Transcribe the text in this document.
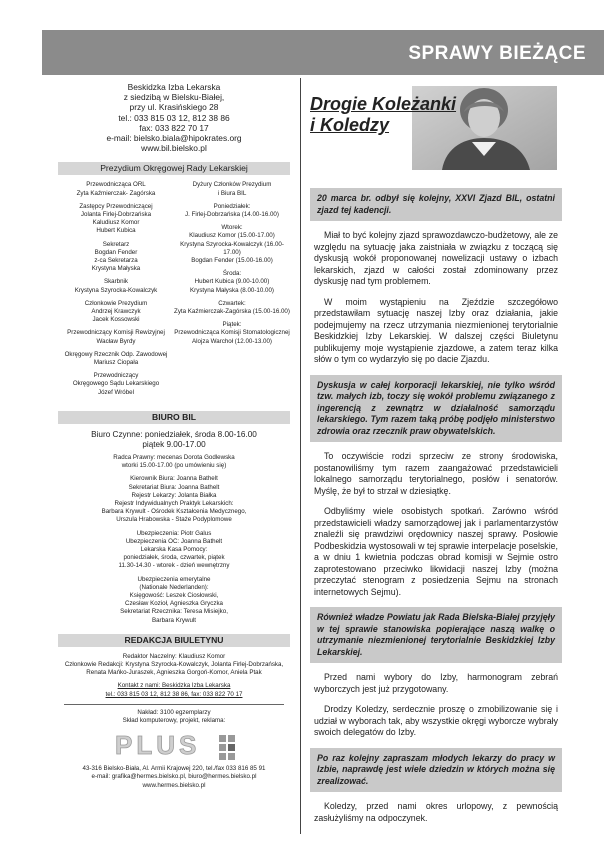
SPRAWY BIEŻĄCE
Beskidzka Izba Lekarska
z siedzibą w Bielsku-Białej,
przy ul. Krasińskiego 28
tel.: 033 815 03 12, 812 38 86
fax: 033 822 70 17
e-mail: bielsko.biala@hipokrates.org
www.bil.bielsko.pl
Prezydium Okręgowej Rady Lekarskiej
Przewodnicząca ORL
Zyta Kaźmierczak- Zagórska
Zastępcy Przewodniczącej
Jolanta Firlej-Dobrzańska
Kaludiusz Komor
Hubert Kubica
Sekretarz
Bogdan Fender
z-ca Sekretarza
Krystyna Małyska
Skarbnik
Krystyna Szyrocka-Kowalczyk
Członkowie Prezydium
Andrzej Krawczyk
Jacek Kossowski
Przewodniczący Komisji Rewizyjnej
Wacław Byrdy
Okręgowy Rzecznik Odp. Zawodowej
Mariusz Ciopała
Przewodniczący
Okręgowego Sądu Lekarskiego
Józef Wróbel
Dyżury Członków Prezydium
i Biura BIL
Poniedziałek:
J. Firlej-Dobrzańska (14.00-16.00)
Wtorek:
Klaudiusz Komor (15.00-17.00)
Krystyna Szyrocka-Kowalczyk (16.00-17.00)
Bogdan Fender (15.00-16.00)
Środa:
Hubert Kubica (9.00-10.00)
Krystyna Małyska (8.00-10.00)
Czwartek:
Zyta Kaźmierczak-Zagórska (15.00-16.00)
Piątek:
Przewodnicząca Komisji Stomatologicznej
Alojza Warchoł (12.00-13.00)
BIURO BIL
Biuro Czynne: poniedziałek, środa 8.00-16.00
piątek 9.00-17.00
Radca Prawny: mecenas Dorota Godlewska
wtorki 15.00-17.00 (po umówieniu się)
Kierownik Biura: Joanna Bathelt
Sekretariat Biura: Joanna Bathelt
Rejestr Lekarzy: Jolanta Białka
Rejestr Indywidualnych Praktyk Lekarskich:
Barbara Krywult - Ośrodek Kształcenia Medycznego,
Urszula Hrabowska - Staże Podyplomowe
Ubezpieczenia: Piotr Galus
Ubezpieczenia OC: Joanna Bathelt
Lekarska Kasa Pomocy:
poniedziałek, środa, czwartek, piątek
11.30-14.30 - wtorek - dzień wewnętrzny
Ubezpieczenia emerytalne
(Nationale Nederlanden):
Księgowość: Leszek Ciosłowski,
Czesław Kozioł, Agnieszka Gryczka
Sekretariat Rzecznika: Teresa Misiejko,
Barbara Krywult
REDAKCJA BIULETYNU
Redaktor Naczelny: Klaudiusz Komor
Członkowie Redakcji: Krystyna Szyrocka-Kowalczyk, Jolanta Firlej-Dobrzańska,
Renata Mańko-Juraszek, Agnieszka Gorgoń-Komor, Aniela Ptak
Kontakt z nami: Beskidzka Izba Lekarska
tel.: 033 815 03 12, 812 38 86, fax: 033 822 70 17
Nakład: 3100 egzemplarzy
Skład komputerowy, projekt, reklama:
PLUS
43-316 Bielsko-Biała, Al. Armii Krajowej 220, tel./fax 033 816 85 91
e-mail: grafika@hermes.bielsko.pl, biuro@hermes.bielsko.pl
www.hermes.bielsko.pl
Drogie Koleżanki
i Koledzy
20 marca br. odbył się kolejny, XXVI Zjazd BIL, ostatni zjazd tej kadencji.

Miał to być kolejny zjazd sprawozdawczo-budżetowy, ale ze względu na sytuację jaka zaistniała w związku z toczącą się dyskusją wokół proponowanej nowelizacji ustawy o izbach lekarskich, zjazd w całości został zdominowany przez dyskusję nad tym problemem.

W moim wystąpieniu na Zjeździe szczegółowo przedstawiłam sytuację naszej Izby oraz działania, jakie podejmujemy na rzecz utrzymania niezmienionej terytorialnie Beskidzkiej Izby Lekarskiej. W dalszej części Biuletynu publikujemy moje wystąpienie zjazdowe, a zatem teraz kilka słów o tym co wydarzyło się po dacie Zjazdu.

Dyskusja w całej korporacji lekarskiej, nie tylko wśród tzw. małych izb, toczy się wokół problemu związanego z ingerencją z zewnątrz w działalność samorządu lekarskiego. Tym razem taką próbę podjęło ministerstwo zdrowia oraz rzecznik praw obywatelskich.

To oczywiście rodzi sprzeciw ze strony środowiska, postanowiliśmy tym razem zaangażować przedstawicieli lokalnego samorządu terytorialnego, posłów i senatorów. Myślę, że był to strzał w dziesiątkę.

Odbyliśmy wiele osobistych spotkań. Zarówno wśród przedstawicieli władzy samorządowej jak i parlamentarzystów znaleźli się prawdziwi orędownicy naszej sprawy. Posłowie Podbeskidzia wystosowali w tej sprawie interpelacje poselskie, a w dniu 1 kwietnia podczas obrad komisji w Sejmie ostro zaprotestowano przeciwko likwidacji naszej Izby (można przeczytać stenogram z posiedzenia Sejmu na stronach internetowych Sejmu).

Również władze Powiatu jak Rada Bielska-Białej przyjęły w tej sprawie stanowiska popierające naszą walkę o utrzymanie niezmienionej terytorialnie Beskidzkiej Izby Lekarskiej.

Przed nami wybory do Izby, harmonogram zebrań wyborczych jest już przygotowany.

Drodzy Koledzy, serdecznie proszę o zmobilizowanie się i udział w wyborach tak, aby wszystkie okręgi wyborcze wybrały swoich delegatów do Izby.

Po raz kolejny zapraszam młodych lekarzy do pracy w Izbie, naprawdę jest wiele dziedzin w których można się zrealizować.

Koledzy, przed nami okres urlopowy, z pewnością zasłużyliśmy na odpoczynek.
